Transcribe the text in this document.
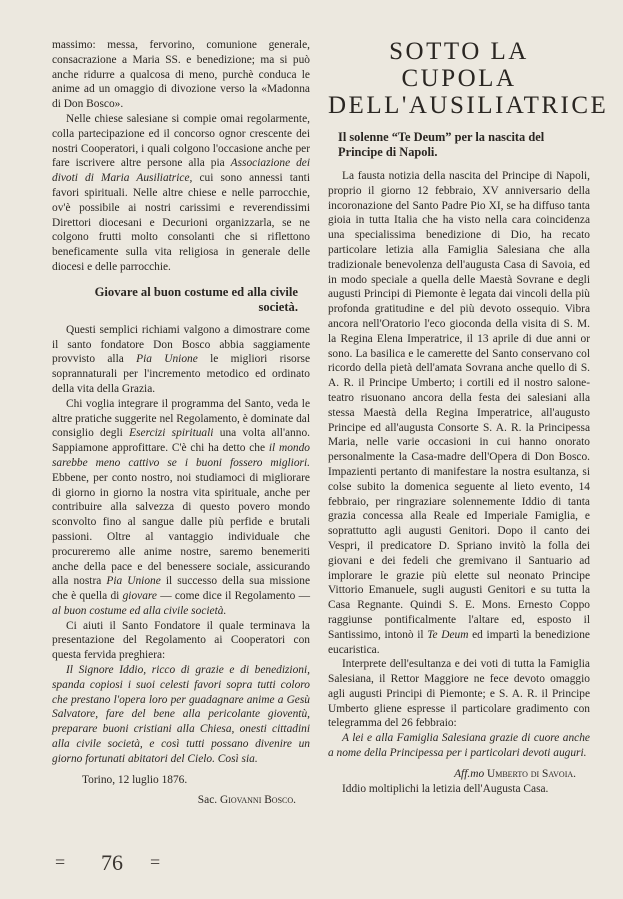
massimo: messa, fervorino, comunione generale, consacrazione a Maria SS. e benedizione; ma si può anche ridurre a qualcosa di meno, purchè conduca le anime ad un omaggio di divozione verso la «Madonna di Don Bosco».

Nelle chiese salesiane si compie omai regolarmente, colla partecipazione ed il concorso ognor crescente dei nostri Cooperatori, i quali colgono l'occasione anche per fare iscrivere altre persone alla pia Associazione dei divoti di Maria Ausiliatrice, cui sono annessi tanti favori spirituali. Nelle altre chiese e nelle parrocchie, ov'è possibile ai nostri carissimi e reverendissimi Direttori diocesani e Decurioni organizzarla, se ne colgono frutti molto consolanti che si riflettono beneficamente sulla vita religiosa in generale delle diocesi e delle parrocchie.

Giovare al buon costume ed alla civile società.

Questi semplici richiami valgono a dimostrare come il santo fondatore Don Bosco abbia saggiamente provvisto alla Pia Unione le migliori risorse soprannaturali per l'incremento metodico ed ordinato della vita della Grazia.

Chi voglia integrare il programma del Santo, veda le altre pratiche suggerite nel Regolamento, è dominate dal consiglio degli Esercizi spirituali una volta all'anno. Sappiamone approfittare. C'è chi ha detto che il mondo sarebbe meno cattivo se i buoni fossero migliori. Ebbene, per conto nostro, noi studiamoci di migliorare di giorno in giorno la nostra vita spirituale, anche per contribuire alla salvezza di questo povero mondo sconvolto fino al sangue dalle più perfide e brutali passioni. Oltre al vantaggio individuale che procureremo alle anime nostre, saremo benemeriti anche della pace e del benessere sociale, assicurando alla nostra Pia Unione il successo della sua missione che è quella di giovare — come dice il Regolamento — al buon costume ed alla civile società.

Ci aiuti il Santo Fondatore il quale terminava la presentazione del Regolamento ai Cooperatori con questa fervida preghiera:

Il Signore Iddio, ricco di grazie e di benedizioni, spanda copiosi i suoi celesti favori sopra tutti coloro che prestano l'opera loro per guadagnare anime a Gesù Salvatore, fare del bene alla pericolante gioventù, preparare buoni cristiani alla Chiesa, onesti cittadini alla civile società, e così tutti possano divenire un giorno fortunati abitatori del Cielo. Così sia.

Torino, 12 luglio 1876.

Sac. Giovanni Bosco.

SOTTO LA CUPOLA DELL'AUSILIATRICE
Il solenne “Te Deum” per la nascita del Principe di Napoli.

La fausta notizia della nascita del Principe di Napoli, proprio il giorno 12 febbraio, XV anniversario della incoronazione del Santo Padre Pio XI, se ha diffuso tanta gioia in tutta Italia che ha visto nella cara coincidenza una specialissima benedizione di Dio, ha recato particolare letizia alla Famiglia Salesiana che alla tradizionale benevolenza dell'augusta Casa di Savoia, ed in modo speciale a quella delle Maestà Sovrane e degli augusti Principi di Piemonte è legata dai vincoli della più profonda gratitudine e del più devoto ossequio. Vibra ancora nell'Oratorio l'eco gioconda della visita di S. M. la Regina Elena Imperatrice, il 13 aprile di due anni or sono. La basilica e le camerette del Santo conservano col ricordo della pietà dell'amata Sovrana anche quello di S. A. R. il Principe Umberto; i cortili ed il nostro salone-teatro risuonano ancora della festa dei salesiani alla stessa Maestà della Regina Imperatrice, all'augusto Principe ed all'augusta Consorte S. A. R. la Principessa Maria, nelle varie occasioni in cui hanno onorato personalmente la Casa-madre dell'Opera di Don Bosco. Impazienti pertanto di manifestare la nostra esultanza, si colse subito la domenica seguente al lieto evento, 14 febbraio, per ringraziare solennemente Iddio di tanta grazia concessa alla Reale ed Imperiale Famiglia, e soprattutto agli augusti Genitori. Dopo il canto dei Vespri, il predicatore D. Spriano invitò la folla dei giovani e dei fedeli che gremivano il Santuario ad implorare le grazie più elette sul neonato Principe Vittorio Emanuele, sugli augusti Genitori e su tutta la Casa Regnante. Quindi S. E. Mons. Ernesto Coppo raggiunse pontificalmente l'altare ed, esposto il Santissimo, intonò il Te Deum ed impartì la benedizione eucaristica.

Interprete dell'esultanza e dei voti di tutta la Famiglia Salesiana, il Rettor Maggiore ne fece devoto omaggio agli augusti Principi di Piemonte; e S. A. R. il Principe Umberto gliene espresse il particolare gradimento con telegramma del 26 febbraio:

A lei e alla Famiglia Salesiana grazie di cuore anche a nome della Principessa per i particolari devoti auguri.

Aff.mo Umberto di Savoia.

Iddio moltiplichi la letizia dell'Augusta Casa.

= 76 =
